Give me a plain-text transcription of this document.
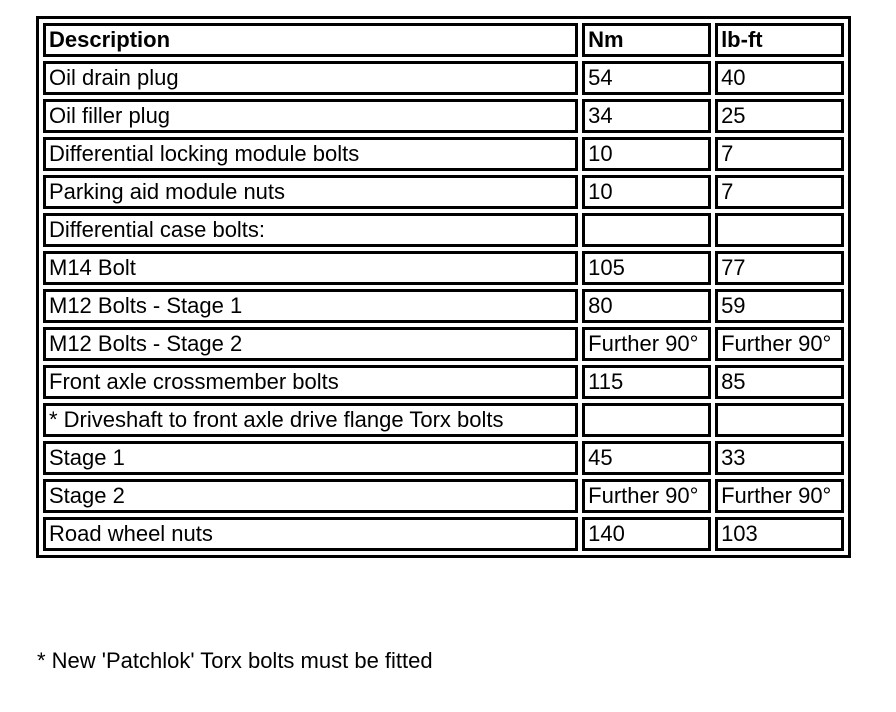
Description	Nm	lb-ft
Oil drain plug	54	40
Oil filler plug	34	25
Differential locking module bolts	10	7
Parking aid module nuts	10	7
Differential case bolts:		
M14 Bolt	105	77
M12 Bolts - Stage 1	80	59
M12 Bolts - Stage 2	Further 90°	Further 90°
Front axle crossmember bolts	115	85
* Driveshaft to front axle drive flange Torx bolts		
Stage 1	45	33
Stage 2	Further 90°	Further 90°
Road wheel nuts	140	103
* New 'Patchlok' Torx bolts must be fitted
